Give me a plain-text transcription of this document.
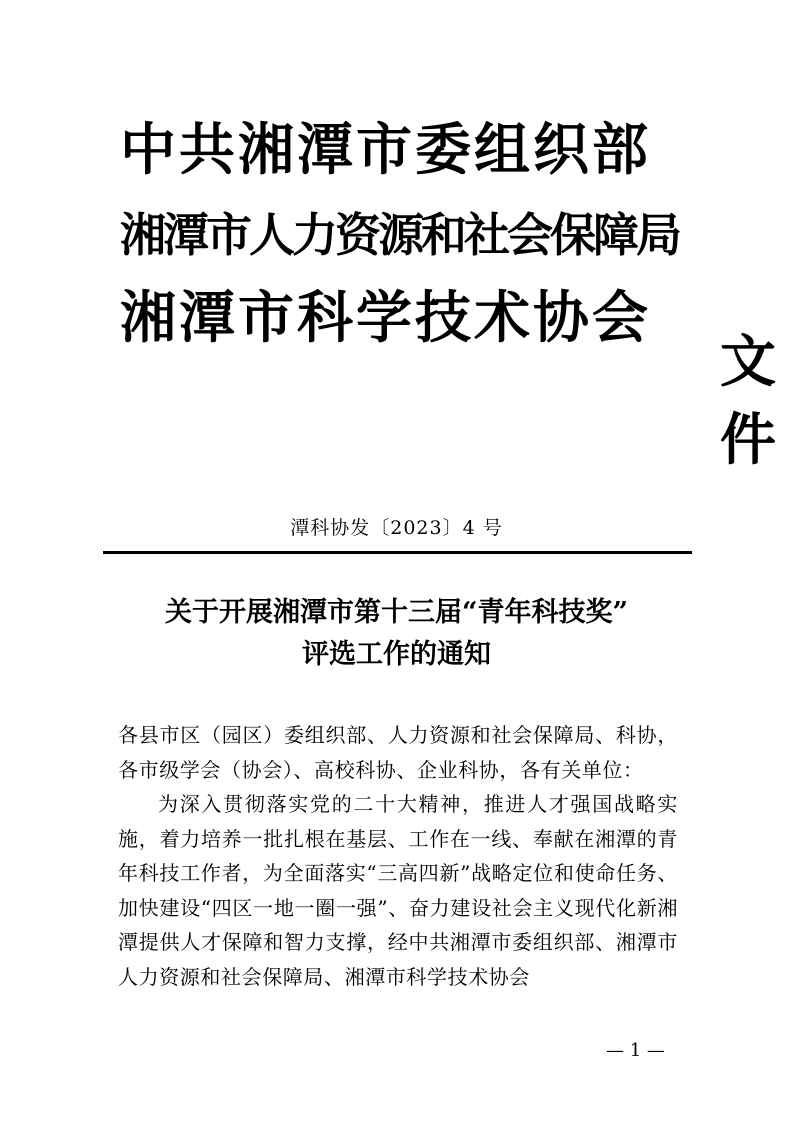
中共湘潭市委组织部
湘潭市人力资源和社会保障局
湘潭市科学技术协会
文
件
潭科协发〔2023〕4 号
关于开展湘潭市第十三届“青年科技奖”
评选工作的通知

各县市区（园区）委组织部、人力资源和社会保障局、科协，各市级学会（协会）、高校科协、企业科协，各有关单位：

为深入贯彻落实党的二十大精神，推进人才强国战略实施，着力培养一批扎根在基层、工作在一线、奉献在湘潭的青年科技工作者，为全面落实“三高四新”战略定位和使命任务、加快建设“四区一地一圈一强”、奋力建设社会主义现代化新湘潭提供人才保障和智力支撑，经中共湘潭市委组织部、湘潭市人力资源和社会保障局、湘潭市科学技术协会

— 1 —
